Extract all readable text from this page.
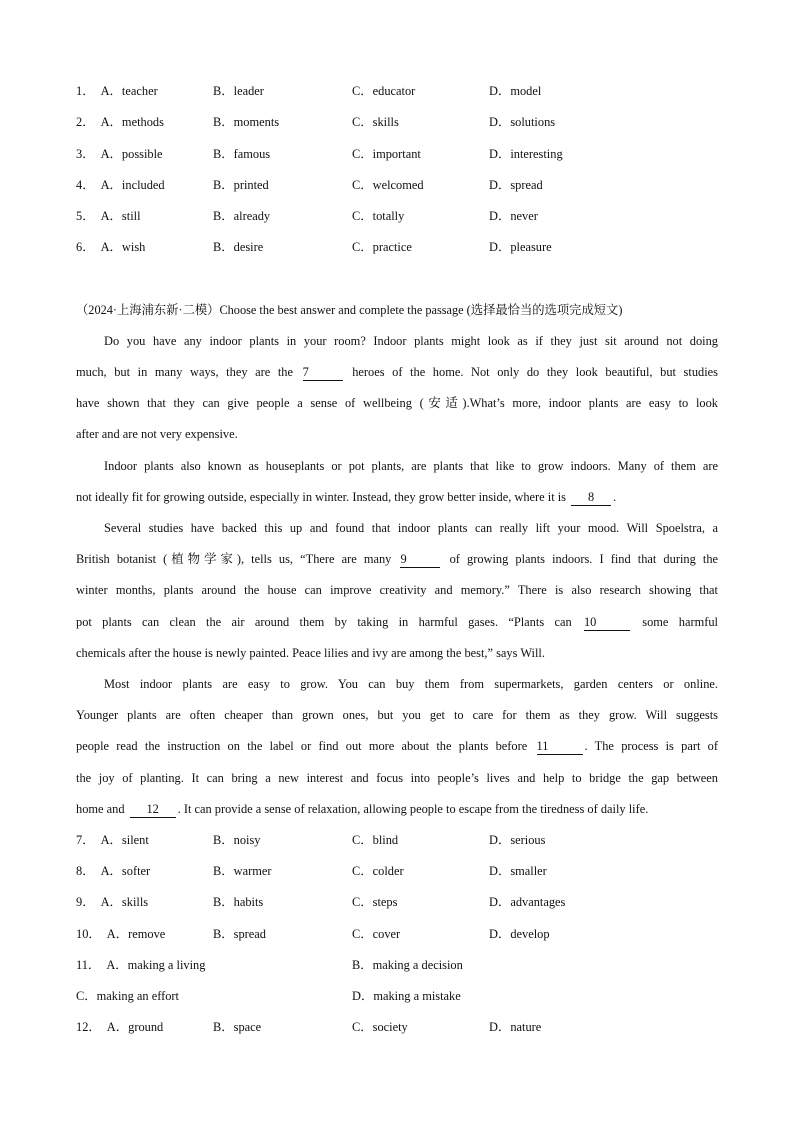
1． A．teacher	B．leader	C．educator	D．model
2． A．methods	B．moments	C．skills	D．solutions
3． A．possible	B．famous	C．important	D．interesting
4． A．included	B．printed	C．welcomed	D．spread
5． A．still	B．already	C．totally	D．never
6． A．wish	B．desire	C．practice	D．pleasure
（2024·上海浦东新·二模）Choose the best answer and complete the passage (选择最恰当的选项完成短文)
Do you have any indoor plants in your room? Indoor plants might look as if they just sit around not doing
much, but in many ways, they are the 7	heroes of the home. Not only do they look beautiful, but studies
have shown that they can give people a sense of wellbeing (安适).What’s more, indoor plants are easy to look
after and are not very expensive.
Indoor plants also known as houseplants or pot plants, are plants that like to grow indoors. Many of them are
not ideally fit for growing outside, especially in winter. Instead, they grow better inside, where it is 8 .
Several studies have backed this up and found that indoor plants can really lift your mood. Will Spoelstra, a
British botanist (植物学家), tells us, “There are many 9	of growing plants indoors. I find that during the
winter months, plants around the house can improve creativity and memory.” There is also research showing that
pot plants can clean the air around them by taking in harmful gases. “Plants can 10	some harmful
chemicals after the house is newly painted. Peace lilies and ivy are among the best,” says Will.
Most indoor plants are easy to grow. You can buy them from supermarkets, garden centers or online.
Younger plants are often cheaper than grown ones, but you get to care for them as they grow. Will suggests
people read the instruction on the label or find out more about the plants before 11	. The process is part of
the joy of planting. It can bring a new interest and focus into people’s lives and help to bridge the gap between
home and 12 . It can provide a sense of relaxation, allowing people to escape from the tiredness of daily life.
7． A．silent	B．noisy	C．blind	D．serious
8． A．softer	B．warmer	C．colder	D．smaller
9． A．skills	B．habits	C．steps	D．advantages
10． A．remove	B．spread	C．cover	D．develop
11． A．making a living	B．making a decision
C．making an effort	D．making a mistake
12． A．ground	B．space	C．society	D．nature
